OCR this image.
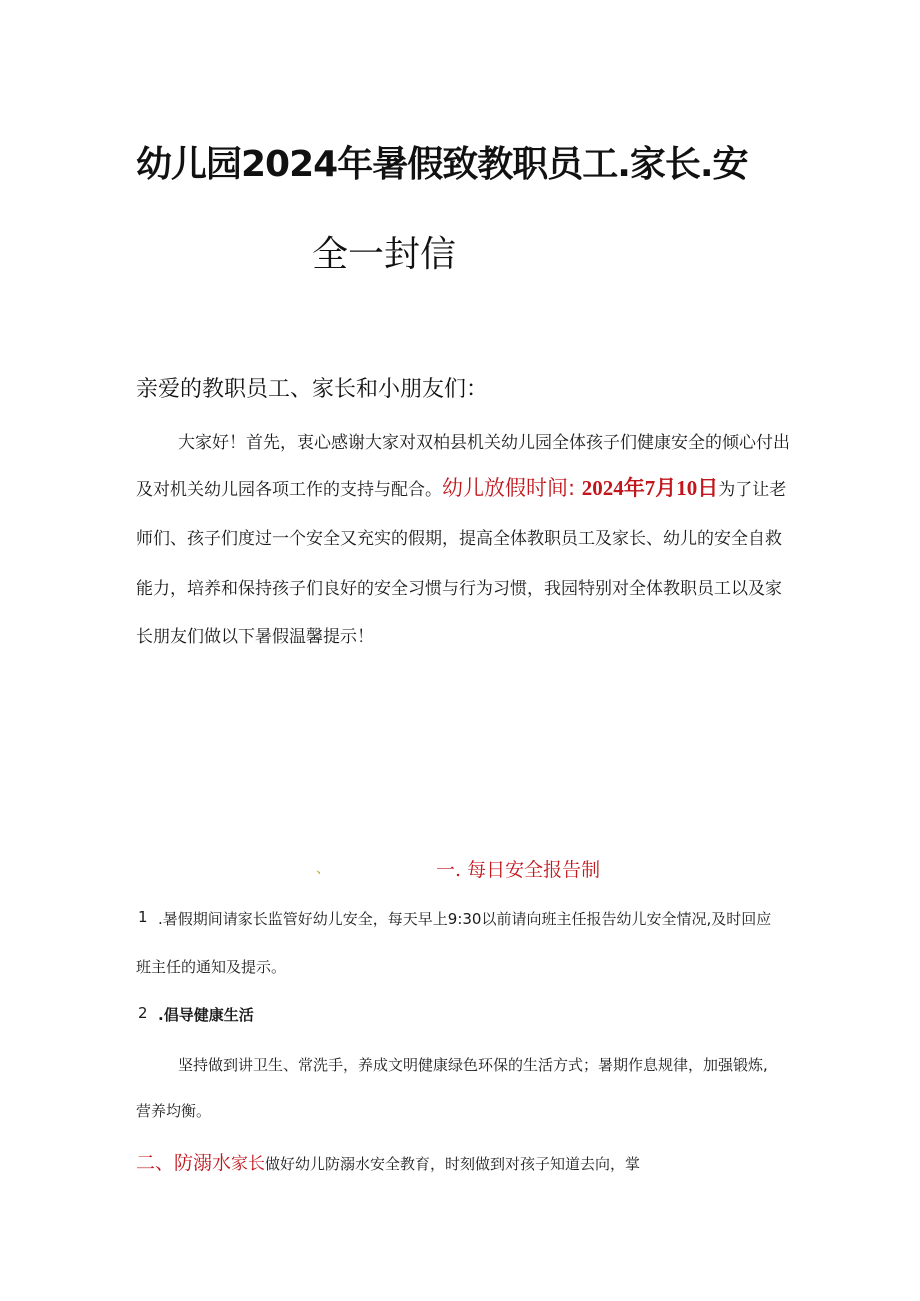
幼儿园2024年暑假致教职员工.家长.安
全一封信
亲爱的教职员工、家长和小朋友们：
大家好！首先，衷心感谢大家对双柏县机关幼儿园全体孩子们健康安全的倾心付出
及对机关幼儿园各项工作的支持与配合。幼儿放假时间: 2024年7月10日为了让老
师们、孩子们度过一个安全又充实的假期，提高全体教职员工及家长、幼儿的安全自救
能力，培养和保持孩子们良好的安全习惯与行为习惯，我园特别对全体教职员工以及家
长朋友们做以下暑假温馨提示！
、	一. 每日安全报告制
1 .暑假期间请家长监管好幼儿安全，每天早上9:30以前请向班主任报告幼儿安全情况,及时回应
班主任的通知及提示。
2 .倡导健康生活
坚持做到讲卫生、常洗手，养成文明健康绿色环保的生活方式；暑期作息规律，加强锻炼,
营养均衡。
二、防溺水家长做好幼儿防溺水安全教育，时刻做到对孩子知道去向，掌
